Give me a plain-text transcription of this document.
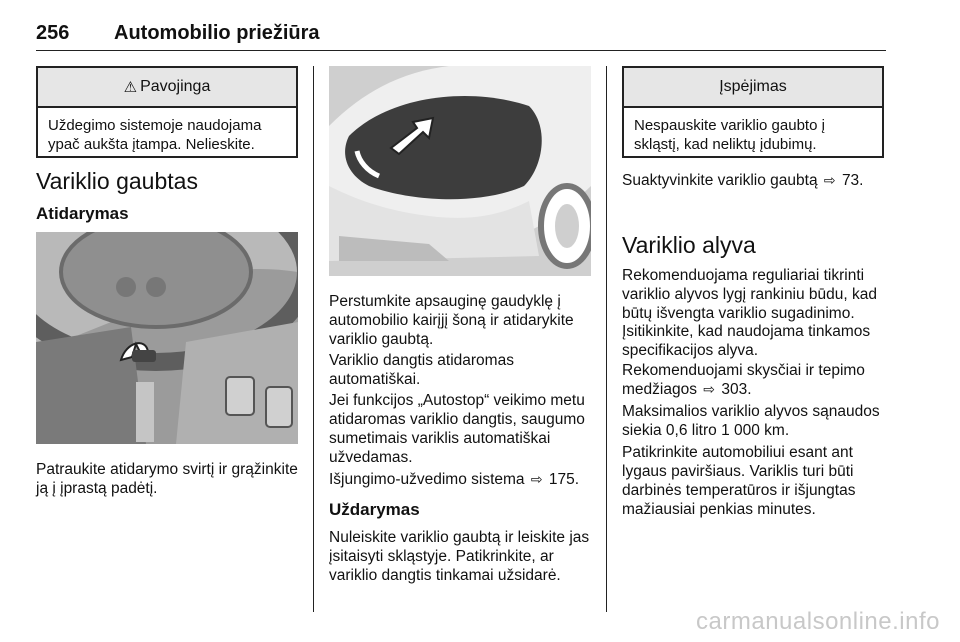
256 Automobilio priežiūra
⚠ Pavojinga
Uždegimo sistemoje naudojama ypač aukšta įtampa. Nelieskite.
Variklio gaubtas
Atidarymas
Patraukite atidarymo svirtį ir grąžinkite ją į įprastą padėtį.
Perstumkite apsauginę gaudyklę į automobilio kairįjį šoną ir atidarykite variklio gaubtą.
Variklio dangtis atidaromas automatiškai.
Jei funkcijos „Autostop“ veikimo metu atidaromas variklio dangtis, saugumo sumetimais variklis automatiškai užvedamas.
Išjungimo-užvedimo sistema ⇨ 175.
Uždarymas
Nuleiskite variklio gaubtą ir leiskite jas įsitaisyti skląstyje. Patikrinkite, ar variklio dangtis tinkamai užsidarė.
Įspėjimas
Nespauskite variklio gaubto į skląstį, kad neliktų įdubimų.
Suaktyvinkite variklio gaubtą ⇨ 73.
Variklio alyva
Rekomenduojama reguliariai tikrinti variklio alyvos lygį rankiniu būdu, kad būtų išvengta variklio sugadinimo.
Įsitikinkite, kad naudojama tinkamos specifikacijos alyva.
Rekomenduojami skysčiai ir tepimo medžiagos ⇨ 303.
Maksimalios variklio alyvos sąnaudos siekia 0,6 litro 1 000 km.
Patikrinkite automobiliui esant ant lygaus paviršiaus. Variklis turi būti darbinės temperatūros ir išjungtas mažiausiai penkias minutes.
carmanualsonline.info
